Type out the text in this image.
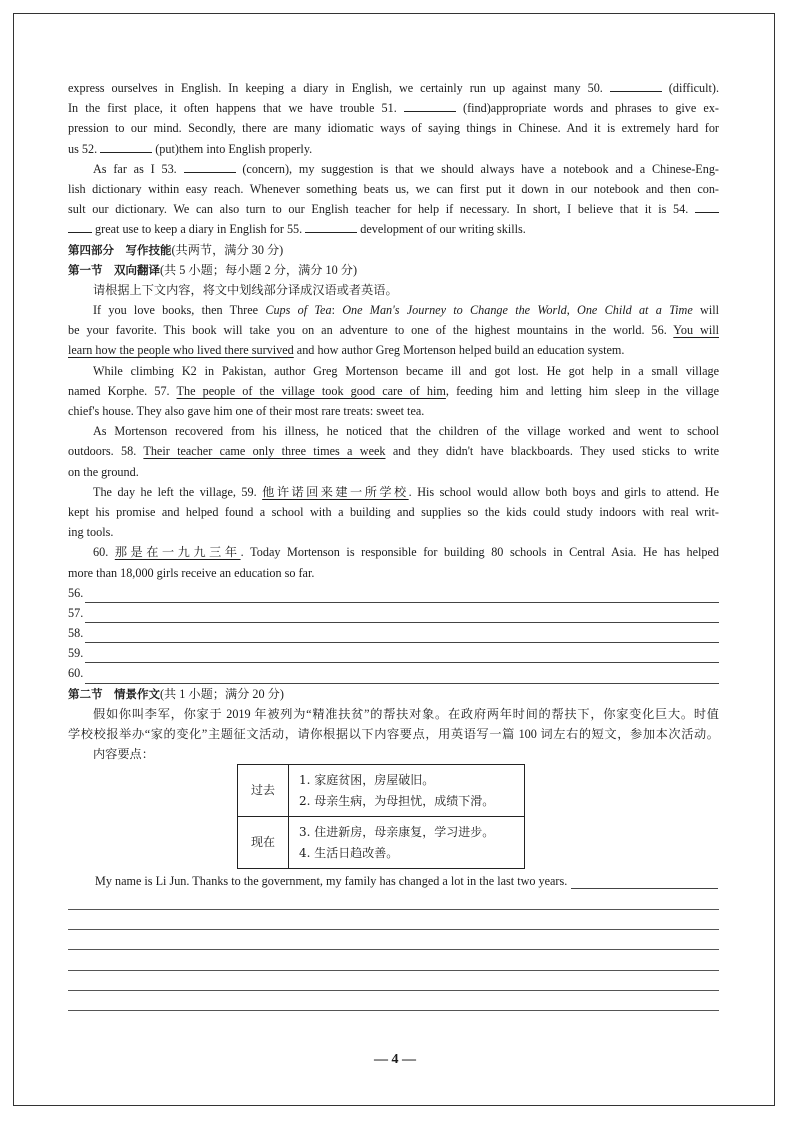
express ourselves in English. In keeping a diary in English, we certainly run up against many 50.	(difficult).
In the first place, it often happens that we have trouble 51.	(find)appropriate words and phrases to give ex-
pression to our mind. Secondly, there are many idiomatic ways of saying things in Chinese. And it is extremely hard for
us 52.	(put)them into English properly.
As far as I 53.	(concern), my suggestion is that we should always have a notebook and a Chinese-Eng-
lish dictionary within easy reach. Whenever something beats us, we can first put it down in our notebook and then con-
sult our dictionary. We can also turn to our English teacher for help if necessary. In short, I believe that it is 54.
great use to keep a diary in English for 55.	development of our writing skills.
第四部分　写作技能(共两节，满分 30 分)
第一节　双向翻译(共 5 小题；每小题 2 分，满分 10 分)
请根据上下文内容，将文中划线部分译成汉语或者英语。
If you love books, then Three Cups of Tea: One Man's Journey to Change the World, One Child at a Time will
be your favorite. This book will take you on an adventure to one of the highest mountains in the world. 56. You will
learn how the people who lived there survived and how author Greg Mortenson helped build an education system.
While climbing K2 in Pakistan, author Greg Mortenson became ill and got lost. He got help in a small village
named Korphe. 57. The people of the village took good care of him, feeding him and letting him sleep in the village
chief's house. They also gave him one of their most rare treats: sweet tea.
As Mortenson recovered from his illness, he noticed that the children of the village worked and went to school
outdoors. 58. Their teacher came only three times a week and they didn't have blackboards. They used sticks to write
on the ground.
The day he left the village, 59. 他许诺回来建一所学校. His school would allow both boys and girls to attend. He
kept his promise and helped found a school with a building and supplies so the kids could study indoors with real writ-
ing tools.
60. 那是在一九九三年. Today Mortenson is responsible for building 80 schools in Central Asia. He has helped
more than 18,000 girls receive an education so far.
56.
57.
58.
59.
60.
第二节　情景作文(共 1 小题；满分 20 分)
假如你叫李军，你家于 2019 年被列为“精准扶贫”的帮扶对象。在政府两年时间的帮扶下，你家变化巨大。时值
学校校报举办“家的变化”主题征文活动，请你根据以下内容要点，用英语写一篇 100 词左右的短文，参加本次活动。
内容要点：
过去	1. 家庭贫困，房屋破旧。
2. 母亲生病，为母担忧，成绩下滑。

现在	3. 住进新房，母亲康复，学习进步。
4. 生活日趋改善。
My name is Li Jun. Thanks to the government, my family has changed a lot in the last two years.
— 4 —
